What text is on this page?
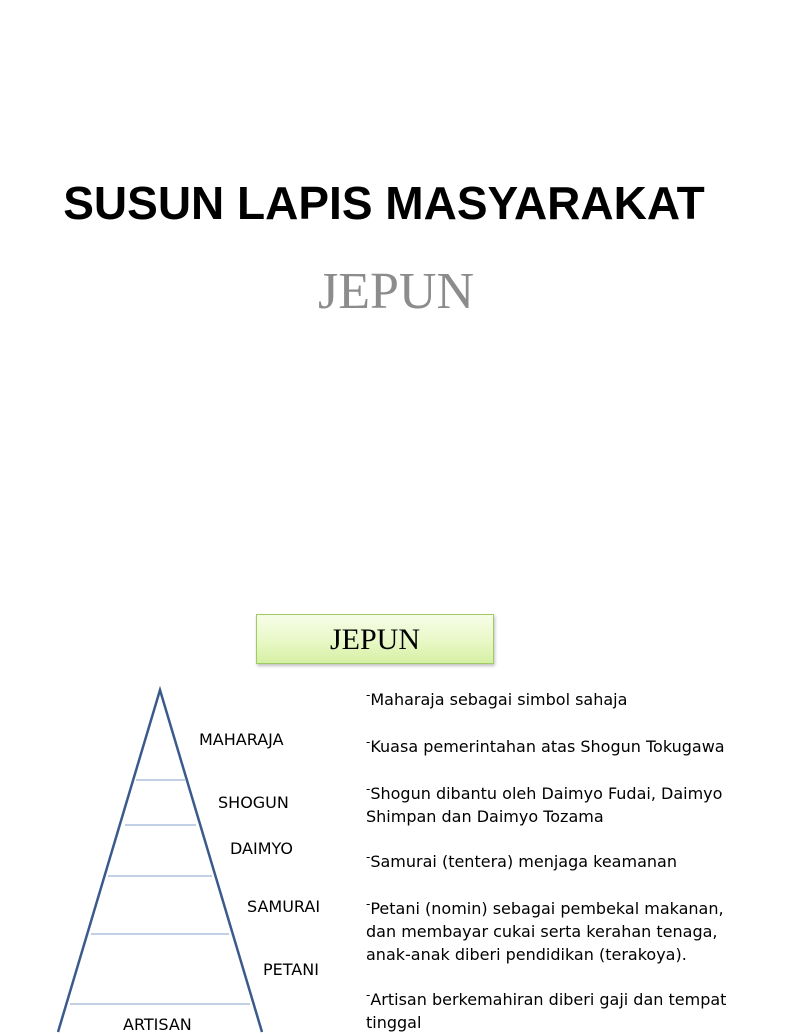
SUSUN LAPIS MASYARAKAT
JEPUN
JEPUN
MAHARAJA
SHOGUN
DAIMYO
SAMURAI
PETANI
ARTISAN
-Maharaja sebagai simbol sahaja
-Kuasa pemerintahan atas Shogun Tokugawa
-Shogun dibantu oleh Daimyo Fudai, Daimyo Shimpan dan Daimyo Tozama
-Samurai (tentera) menjaga keamanan
-Petani (nomin) sebagai pembekal makanan, dan membayar cukai serta kerahan tenaga, anak-anak diberi pendidikan (terakoya).
-Artisan berkemahiran diberi gaji dan tempat tinggal
